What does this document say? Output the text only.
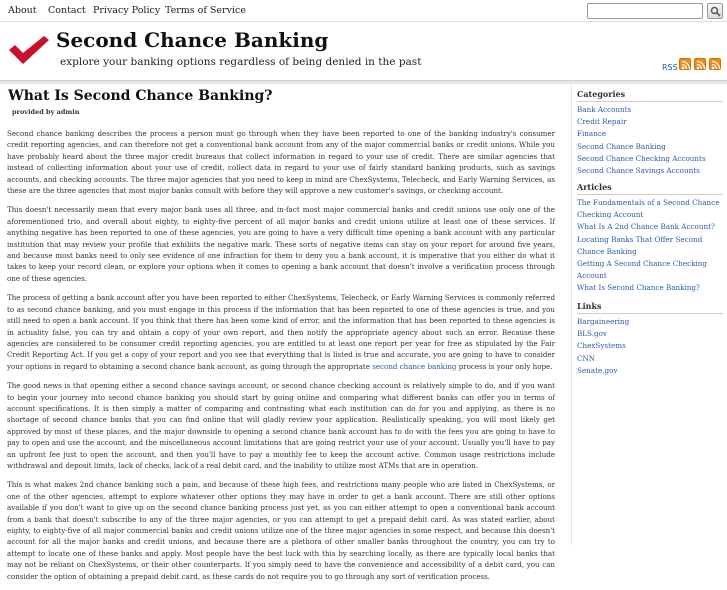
About Contact Privacy Policy Terms of Service
Second Chance Banking
explore your banking options regardless of being denied in the past	RSS
What Is Second Chance Banking?
provided by admin

Second chance banking describes the process a person must go through when they have been reported to one of the banking industry's consumer credit reporting agencies, and can therefore not get a conventional bank account from any of the major commercial banks or credit unions. While you have probably heard about the three major credit bureaus that collect information in regard to your use of credit. There are similar agencies that instead of collecting information about your use of credit, collect data in regard to your use of fairly standard banking products, such as savings accounts, and checking accounts. The three major agencies that you need to keep in mind are ChexSystems, Telecheck, and Early Warning Services, as these are the three agencies that most major banks consult with before they will approve a new customer's savings, or checking account.

This doesn't necessarily mean that every major bank uses all three, and in-fact most major commercial banks and credit unions use only one of the aforementioned trio, and overall about eighty, to eighty-five percent of all major banks and credit unions utilize at least one of these services. If anything negative has been reported to one of these agencies, you are going to have a very difficult time opening a bank account with any particular institution that may review your profile that exhibits the negative mark. These sorts of negative items can stay on your report for around five years, and because most banks need to only see evidence of one infraction for them to deny you a bank account, it is imperative that you either do what it takes to keep your record clean, or explore your options when it comes to opening a bank account that doesn't involve a verification process through one of these agencies.

The process of getting a bank account after you have been reported to either ChexSystems, Telecheck, or Early Warning Services is commonly referred to as second chance banking, and you must engage in this process if the information that has been reported to one of these agencies is true, and you still need to open a bank account. If you think that there has been some kind of error, and the information that has been reported to these agencies is in actuality false, you can try and obtain a copy of your own report, and then notify the appropriate agency about such an error. Because these agencies are considered to be consumer credit reporting agencies, you are entitled to at least one report per year for free as stipulated by the Fair Credit Reporting Act. If you get a copy of your report and you see that everything that is listed is true and accurate, you are going to have to consider your options in regard to obtaining a second chance bank account, as going through the appropriate second chance banking process is your only hope.

The good news is that opening either a second chance savings account, or second chance checking account is relatively simple to do, and if you want to begin your journey into second chance banking you should start by going online and comparing what different banks can offer you in terms of account specifications. It is then simply a matter of comparing and contrasting what each institution can do for you and applying, as there is no shortage of second chance banks that you can find online that will gladly review your application. Realistically speaking, you will most likely get approved by most of these places, and the major downside to opening a second chance bank account has to do with the fees you are going to have to pay to open and use the account, and the miscellaneous account limitations that are going restrict your use of your account. Usually you'll have to pay an upfront fee just to open the account, and then you'll have to pay a monthly fee to keep the account active. Common usage restrictions include withdrawal and deposit limits, lack of checks, lack of a real debit card, and the inability to utilize most ATMs that are in operation.

This is what makes 2nd chance banking such a pain, and because of these high fees, and restrictions many people who are listed in ChexSystems, or one of the other agencies, attempt to explore whatever other options they may have in order to get a bank account. There are still other options available if you don't want to give up on the second chance banking process just yet, as you can either attempt to open a conventional bank account from a bank that doesn't subscribe to any of the three major agencies, or you can attempt to get a prepaid debit card. As was stated earlier, about eighty, to eighty-five of all major commercial banks and credit unions utilize one of the three major agencies in some respect, and because this doesn't account for all the major banks and credit unions, and because there are a plethora of other smaller banks throughout the country, you can try to attempt to locate one of these banks and apply. Most people have the best luck with this by searching locally, as there are typically local banks that may not be reliant on ChexSystems, or their other counterparts. If you simply need to have the convenience and accessibility of a debit card, you can consider the option of obtaining a prepaid debit card, as these cards do not require you to go through any sort of verification process.

Categories
Bank Accounts
Credit Repair
Finance
Second Chance Banking
Second Chance Checking Accounts
Second Chance Savings Accounts
Articles
The Fundamentals of a Second Chance Checking Account
What Is A 2nd Chance Bank Account?
Locating Banks That Offer Second Chance Banking
Getting A Second Chance Checking Account
What Is Second Chance Banking?
Links
Bargaineering
BLS.gov
ChexSystems
CNN
Senate.gov
